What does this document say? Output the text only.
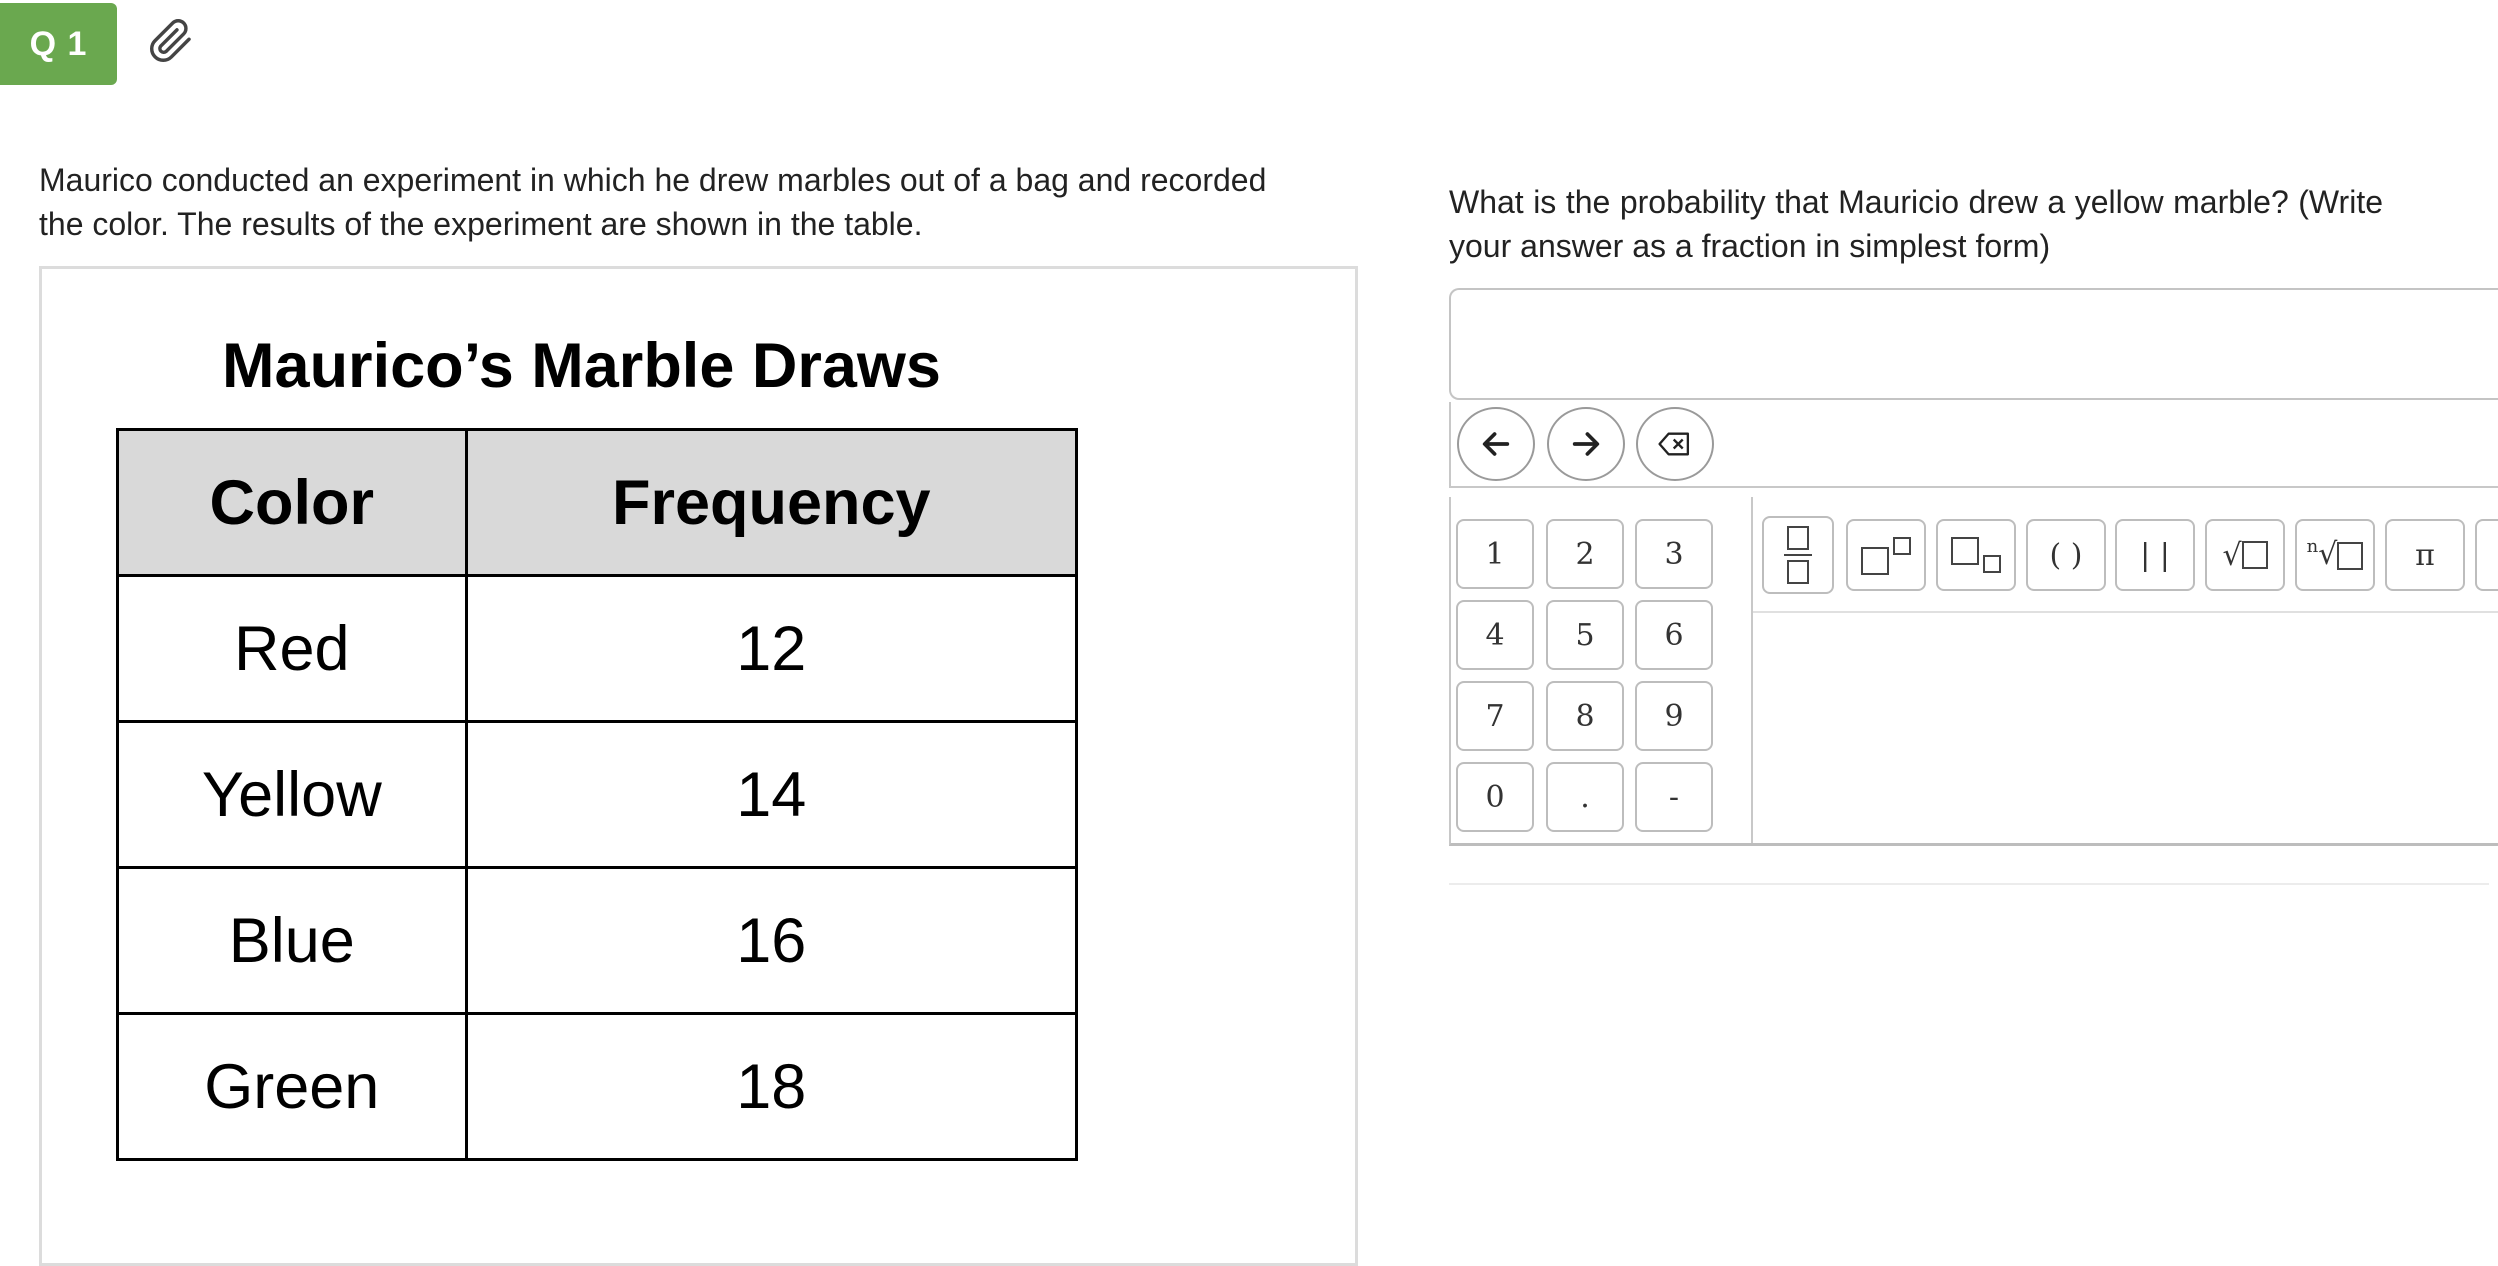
Q 1
Maurico conducted an experiment in which he drew marbles out of a bag and recorded the color. The results of the experiment are shown in the table.
Maurico’s Marble Draws
Color	Frequency
Red	12
Yellow	14
Blue	16
Green	18
What is the probability that Mauricio drew a yellow marble? (Write your answer as a fraction in simplest form)
1	2	3
4	5	6
7	8	9
0	.	-
( )	| |	√	n √	π
